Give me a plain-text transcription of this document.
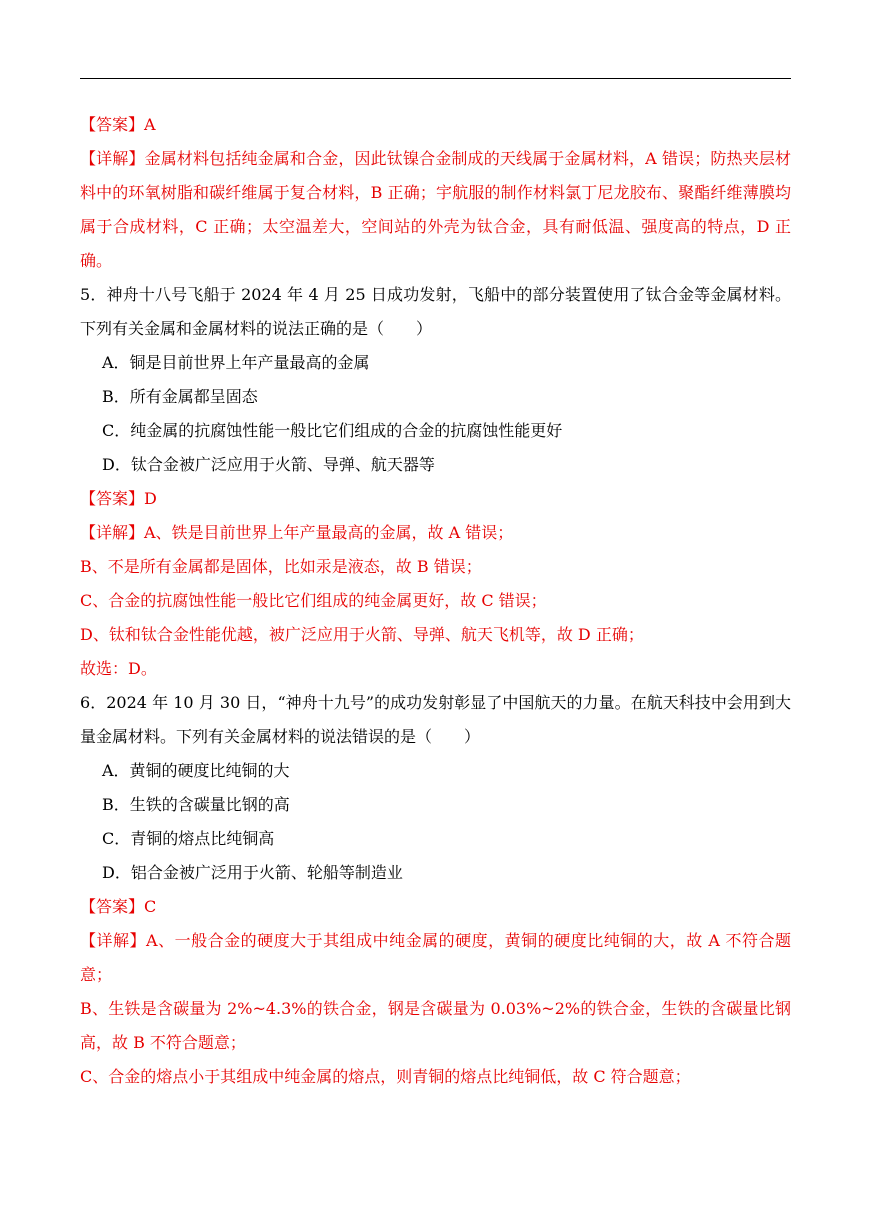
【答案】A

【详解】金属材料包括纯金属和合金，因此钛镍合金制成的天线属于金属材料，A 错误；防热夹层材料中的环氧树脂和碳纤维属于复合材料，B 正确；宇航服的制作材料氯丁尼龙胶布、聚酯纤维薄膜均属于合成材料，C 正确；太空温差大，空间站的外壳为钛合金，具有耐低温、强度高的特点，D 正确。

5．神舟十八号飞船于 2024 年 4 月 25 日成功发射，飞船中的部分装置使用了钛合金等金属材料。下列有关金属和金属材料的说法正确的是（　　）

A．铜是目前世界上年产量最高的金属

B．所有金属都呈固态

C．纯金属的抗腐蚀性能一般比它们组成的合金的抗腐蚀性能更好

D．钛合金被广泛应用于火箭、导弹、航天器等

【答案】D

【详解】A、铁是目前世界上年产量最高的金属，故 A 错误；

B、不是所有金属都是固体，比如汞是液态，故 B 错误；

C、合金的抗腐蚀性能一般比它们组成的纯金属更好，故 C 错误；

D、钛和钛合金性能优越，被广泛应用于火箭、导弹、航天飞机等，故 D 正确；

故选：D。

6．2024 年 10 月 30 日，“神舟十九号”的成功发射彰显了中国航天的力量。在航天科技中会用到大量金属材料。下列有关金属材料的说法错误的是（　　）

A．黄铜的硬度比纯铜的大

B．生铁的含碳量比钢的高

C．青铜的熔点比纯铜高

D．铝合金被广泛用于火箭、轮船等制造业

【答案】C

【详解】A、一般合金的硬度大于其组成中纯金属的硬度，黄铜的硬度比纯铜的大，故 A 不符合题意；

B、生铁是含碳量为 2%~4.3%的铁合金，钢是含碳量为 0.03%~2%的铁合金，生铁的含碳量比钢高，故 B 不符合题意；

C、合金的熔点小于其组成中纯金属的熔点，则青铜的熔点比纯铜低，故 C 符合题意；
